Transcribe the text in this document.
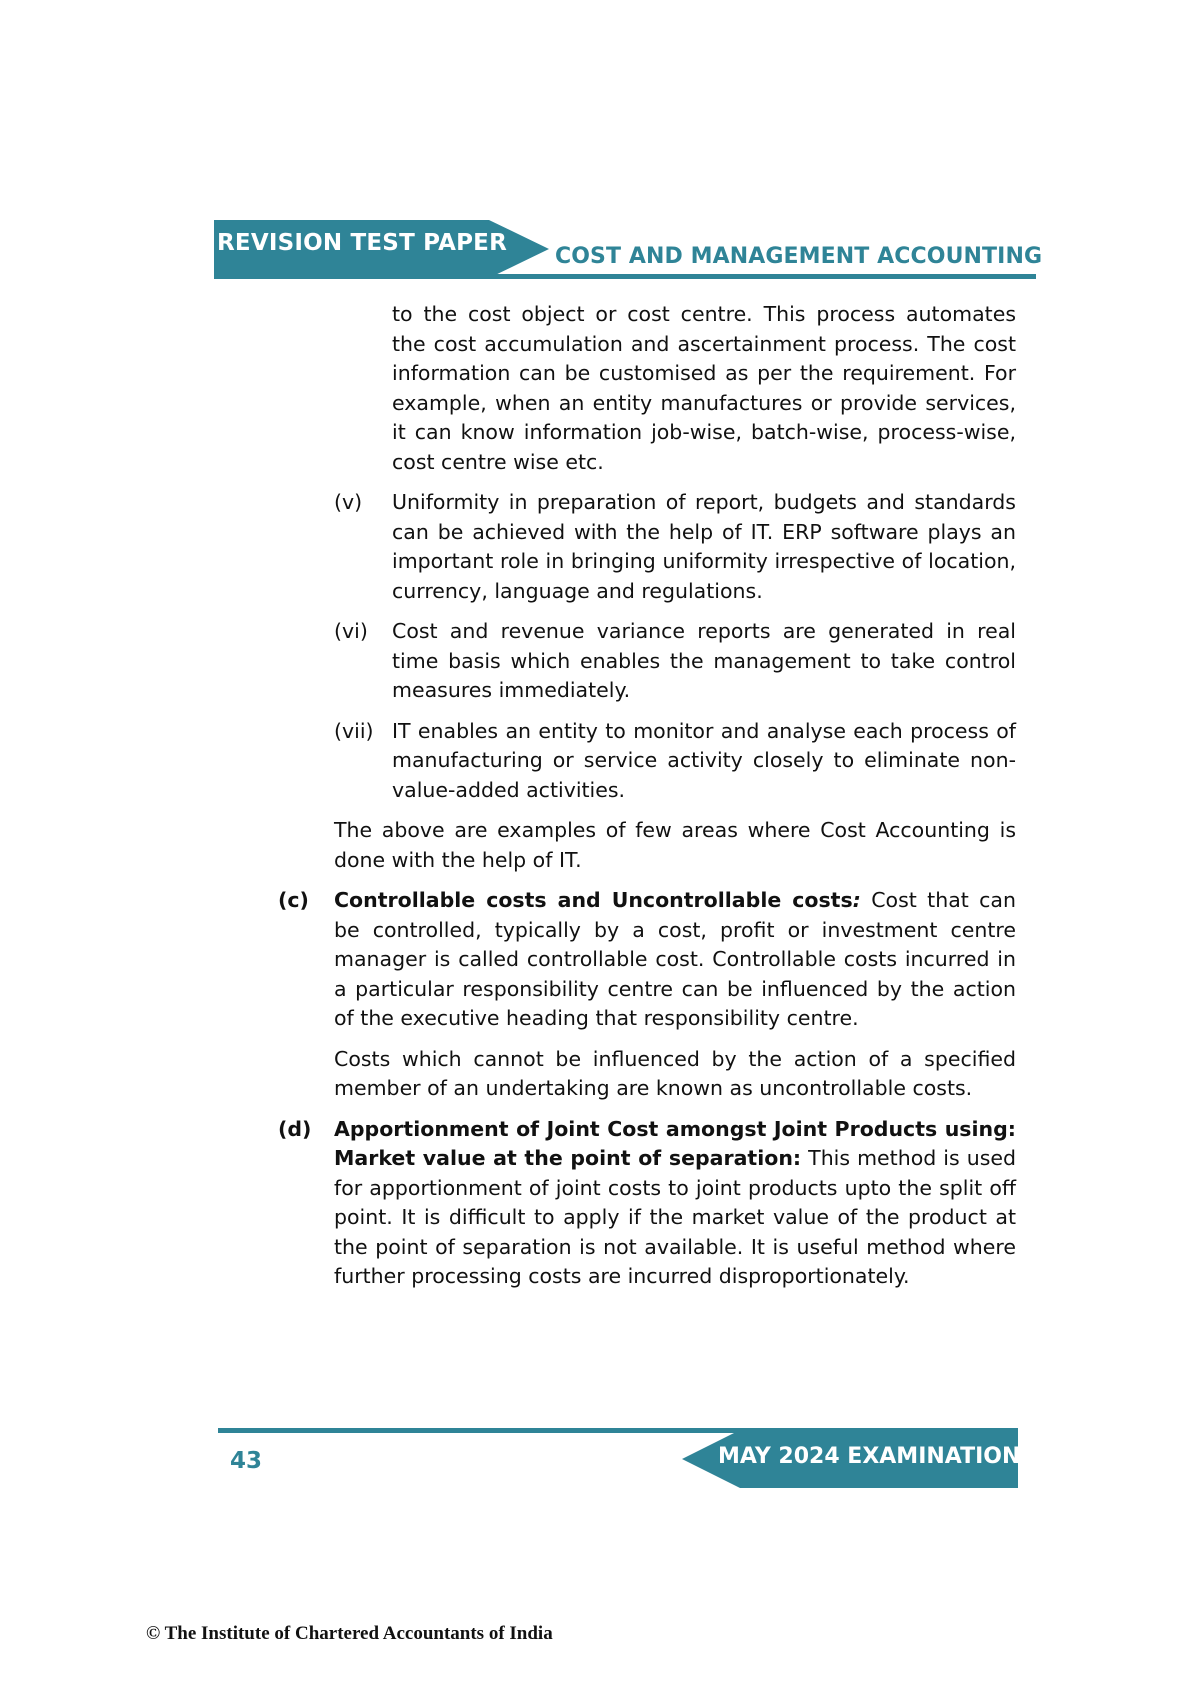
REVISION TEST PAPER
COST AND MANAGEMENT ACCOUNTING

to the cost object or cost centre. This process automates the cost accumulation and ascertainment process. The cost information can be customised as per the requirement. For example, when an entity manufactures or provide services, it can know information job-wise, batch-wise, process-wise, cost centre wise etc.

(v) Uniformity in preparation of report, budgets and standards can be achieved with the help of IT. ERP software plays an important role in bringing uniformity irrespective of location, currency, language and regulations.

(vi) Cost and revenue variance reports are generated in real time basis which enables the management to take control measures immediately.

(vii) IT enables an entity to monitor and analyse each process of manufacturing or service activity closely to eliminate non-value-added activities.

The above are examples of few areas where Cost Accounting is done with the help of IT.

(c) Controllable costs and Uncontrollable costs: Cost that can be controlled, typically by a cost, profit or investment centre manager is called controllable cost. Controllable costs incurred in a particular responsibility centre can be influenced by the action of the executive heading that responsibility centre.

Costs which cannot be influenced by the action of a specified member of an undertaking are known as uncontrollable costs.

(d) Apportionment of Joint Cost amongst Joint Products using: Market value at the point of separation: This method is used for apportionment of joint costs to joint products upto the split off point. It is difficult to apply if the market value of the product at the point of separation is not available. It is useful method where further processing costs are incurred disproportionately.

43	MAY 2024 EXAMINATION
© The Institute of Chartered Accountants of India
